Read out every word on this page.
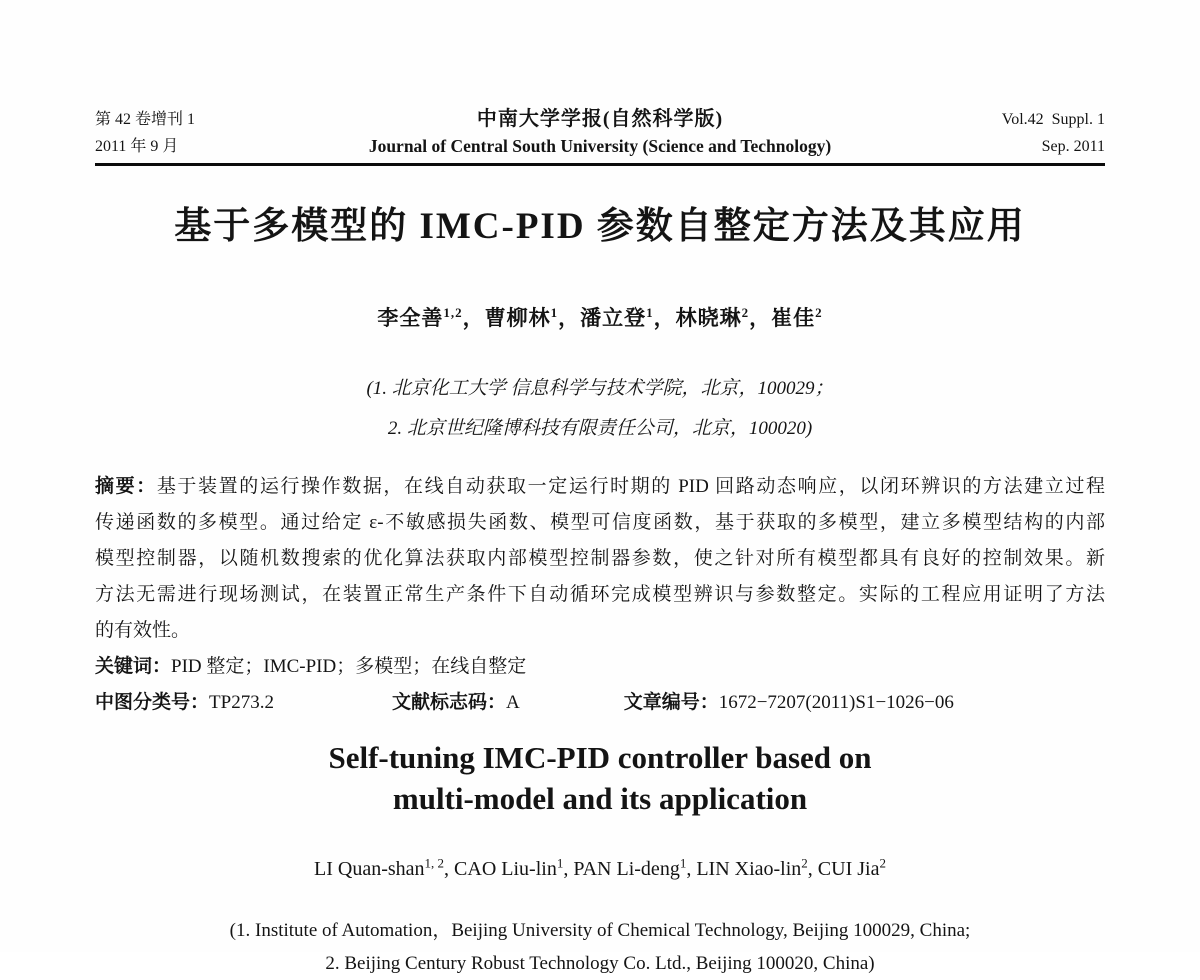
第 42 卷增刊 1
2011 年 9 月
中南大学学报(自然科学版)
Journal of Central South University (Science and Technology)
Vol.42  Suppl. 1
Sep. 2011
基于多模型的 IMC-PID 参数自整定方法及其应用
李全善$^{1,2}$，曹柳林$^1$，潘立登$^1$，林晓琳$^2$，崔佳$^2$
(1. 北京化工大学 信息科学与技术学院，北京，100029；
2. 北京世纪隆博科技有限责任公司，北京，100020)
摘要：基于装置的运行操作数据，在线自动获取一定运行时期的 PID 回路动态响应，以闭环辨识的方法建立过程
传递函数的多模型。通过给定 ε-不敏感损失函数、模型可信度函数，基于获取的多模型，建立多模型结构的内部
模型控制器，以随机数搜索的优化算法获取内部模型控制器参数，使之针对所有模型都具有良好的控制效果。新
方法无需进行现场测试，在装置正常生产条件下自动循环完成模型辨识与参数整定。实际的工程应用证明了方法
的有效性。
关键词：PID 整定；IMC-PID；多模型；在线自整定
中图分类号：TP273.2	文献标志码：A	文章编号：1672−7207(2011)S1−1026−06
Self-tuning IMC-PID controller based on
multi-model and its application
LI Quan-shan$^{1, 2}$, CAO Liu-lin$^1$, PAN Li-deng$^1$, LIN Xiao-lin$^2$, CUI Jia$^2$
(1. Institute of Automation，Beijing University of Chemical Technology, Beijing 100029, China;
2. Beijing Century Robust Technology Co. Ltd., Beijing 100020, China)
